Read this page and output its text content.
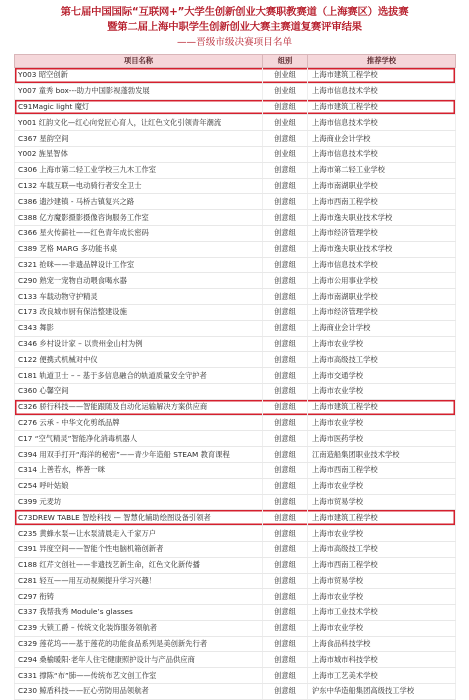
第七届中国国际“互联网+”大学生创新创业大赛职教赛道（上海赛区）选拔赛
暨第二届上海中职学生创新创业大赛主赛道复赛评审结果
——晋级市级决赛项目名单
项目名称	组别	推荐学校
Y003 昭空创新	创业组	上海市建筑工程学校
Y007 童秀 box---助力中国影视蓬勃发展	创业组	上海市信息技术学校
C91Magic light 魔灯	创意组	上海市建筑工程学校
Y001 红韵文化—红心向党匠心育人，让红色文化引领青年潮流	创业组	上海市信息技术学校
C367 星韵空间	创意组	上海商业会计学校
Y002 旌星智体	创业组	上海市信息技术学校
C306 上海市第二轻工业学校三九木工作室	创意组	上海市第二轻工业学校
C132 车载互联—电动骑行者安全卫士	创意组	上海市南湖职业学校
C386 遗沙建镇 - 马桥古镇复兴之路	创意组	上海市西南工程学校
C388 亿方魔影摄影摄像咨询服务工作室	创意组	上海市逸夫职业技术学校
C366 星火传薪社——红色青年成长密码	创意组	上海市经济管理学校
C389 艺格 MARG 多功能书桌	创意组	上海市逸夫职业技术学校
C321 抢咪——非遗品牌设计工作室	创意组	上海市信息技术学校
C290 熟宠一宠物自动喂食喝水器	创意组	上海市公用事业学校
C133 车载动物守护精灵	创意组	上海市南湖职业学校
C173 改良城市厨有保洁整建设施	创意组	上海市经济管理学校
C343 舞影	创意组	上海商业会计学校
C346 乡村设计家 – 以贵州金山村为例	创意组	上海市农业学校
C122 便携式机械对中仪	创意组	上海市高级技工学校
C181 轨道卫士 – – 基于多信息融合的轨道质量安全守护者	创意组	上海市交通学校
C360 心馨空间	创意组	上海市农业学校
C326 骄行科技——智能跟随及自动化运输解决方案供应商	创意组	上海市建筑工程学校
C276 云承 - 中华文化剪纸品牌	创意组	上海市农业学校
C17 “空气精灵”智能净化消毒机器人	创意组	上海市医药学校
C394 用双手打开“海洋的秘密”——青少年造船 STEAM 教育课程	创意组	江南造船集团职业技术学校
C314 上善若水，桦善一咪	创意组	上海市西南工程学校
C254 呼叶姑娘	创意组	上海市农业学校
C399 元麦坊	创意组	上海市贸易学校
C73DREW TABLE 智绘科技 — 智慧化辅助绘图设备引领者	创意组	上海市建筑工程学校
C235 黄蜂水泵—让水泵清晨走入千家万户	创意组	上海市农业学校
C391 异度空间——智能个性电脑机箱创新者	创意组	上海市高级技工学校
C188 红芹文创社——非遗技艺新生命，红色文化新传播	创意组	上海市西南工程学校
C281 轻互——用互动视频提升学习兴趣！	创意组	上海市贸易学校
C297 衔铸	创意组	上海市农业学校
C337 我帮我秀 Module’s glasses	创意组	上海市工业技术学校
C239 大锁工爵 – 传统文化装饰服务领航者	创意组	上海市农业学校
C329 莲花坞——基于莲花的功能食品系列是美创新先行者	创意组	上海食品科技学校
C294 桑榆暖阳·老年人住宅健康照护设计与产品供应商	创意组	上海市城市科技学校
C331 撑陈“布”肺——传统布艺文创工作室	创意组	上海市工艺美术学校
C230 鲸盾科技——匠心劳防用品领航者	创意组	沪东中华造船集团高级技工学校
